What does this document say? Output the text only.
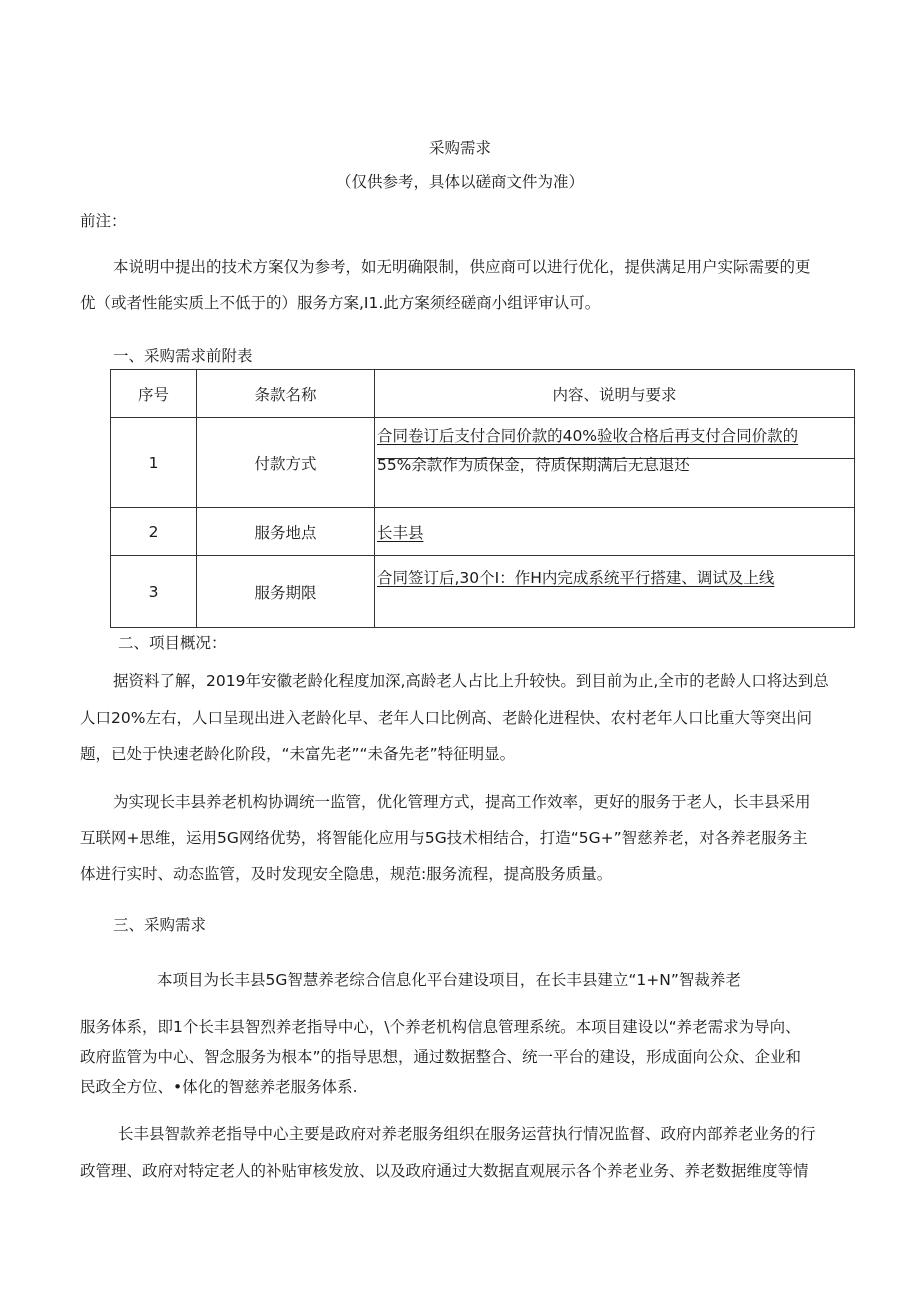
采购需求
（仅供参考，具体以磋商文件为准）
前注：
本说明中提出的技术方案仅为参考，如无明确限制，供应商可以进行优化，提供满足用户实际需要的更
优（或者性能实质上不低于的）服务方案,I1.此方案须经磋商小组评审认可。
一、采购需求前附表
序号	条款名称	内容、说明与要求
1	付款方式	合同卷订后支付合同价款的40%验收合格后再支付合同价款的
55%余款作为质保金，待质保期满后无息退还

2	服务地点	长丰县
3	服务期限	合同签订后,30个I：作H内完成系统平行搭建、调试及上线
二、项目概况：
据资料了解，2019年安徽老龄化程度加深,高龄老人占比上升较快。到目前为止,全市的老龄人口将达到总
人口20%左右，人口呈现出进入老龄化早、老年人口比例高、老龄化进程快、农村老年人口比重大等突出问
题，已处于快速老龄化阶段，“未富先老”“未备先老”特征明显。
为实现长丰县养老机构协调统一监管，优化管理方式，提高工作效率，更好的服务于老人，长丰县采用
互联网+思维，运用5G网络优势，将智能化应用与5G技术相结合，打造“5G+”智慈养老，对各养老服务主
体进行实时、动态监管，及时发现安全隐患，规范:服务流程，提高股务质量。
三、采购需求
本项目为长丰县5G智慧养老综合信息化平台建设项目，在长丰县建立“1+N”智裁养老
服务体系，即1个长丰县智烈养老指导中心，\个养老机构信息管理系统。本项目建设以“养老需求为导向、
政府监管为中心、智念服务为根本”的指导思想，通过数据整合、统一平台的建设，形成面向公众、企业和
民政全方位、•体化的智慈养老服务体系.
长丰县智款养老指导中心主要是政府对养老服务组织在服务运营执行情况监督、政府内部养老业务的行
政管理、政府对特定老人的补贴审核发放、以及政府通过大数据直观展示各个养老业务、养老数据维度等情
